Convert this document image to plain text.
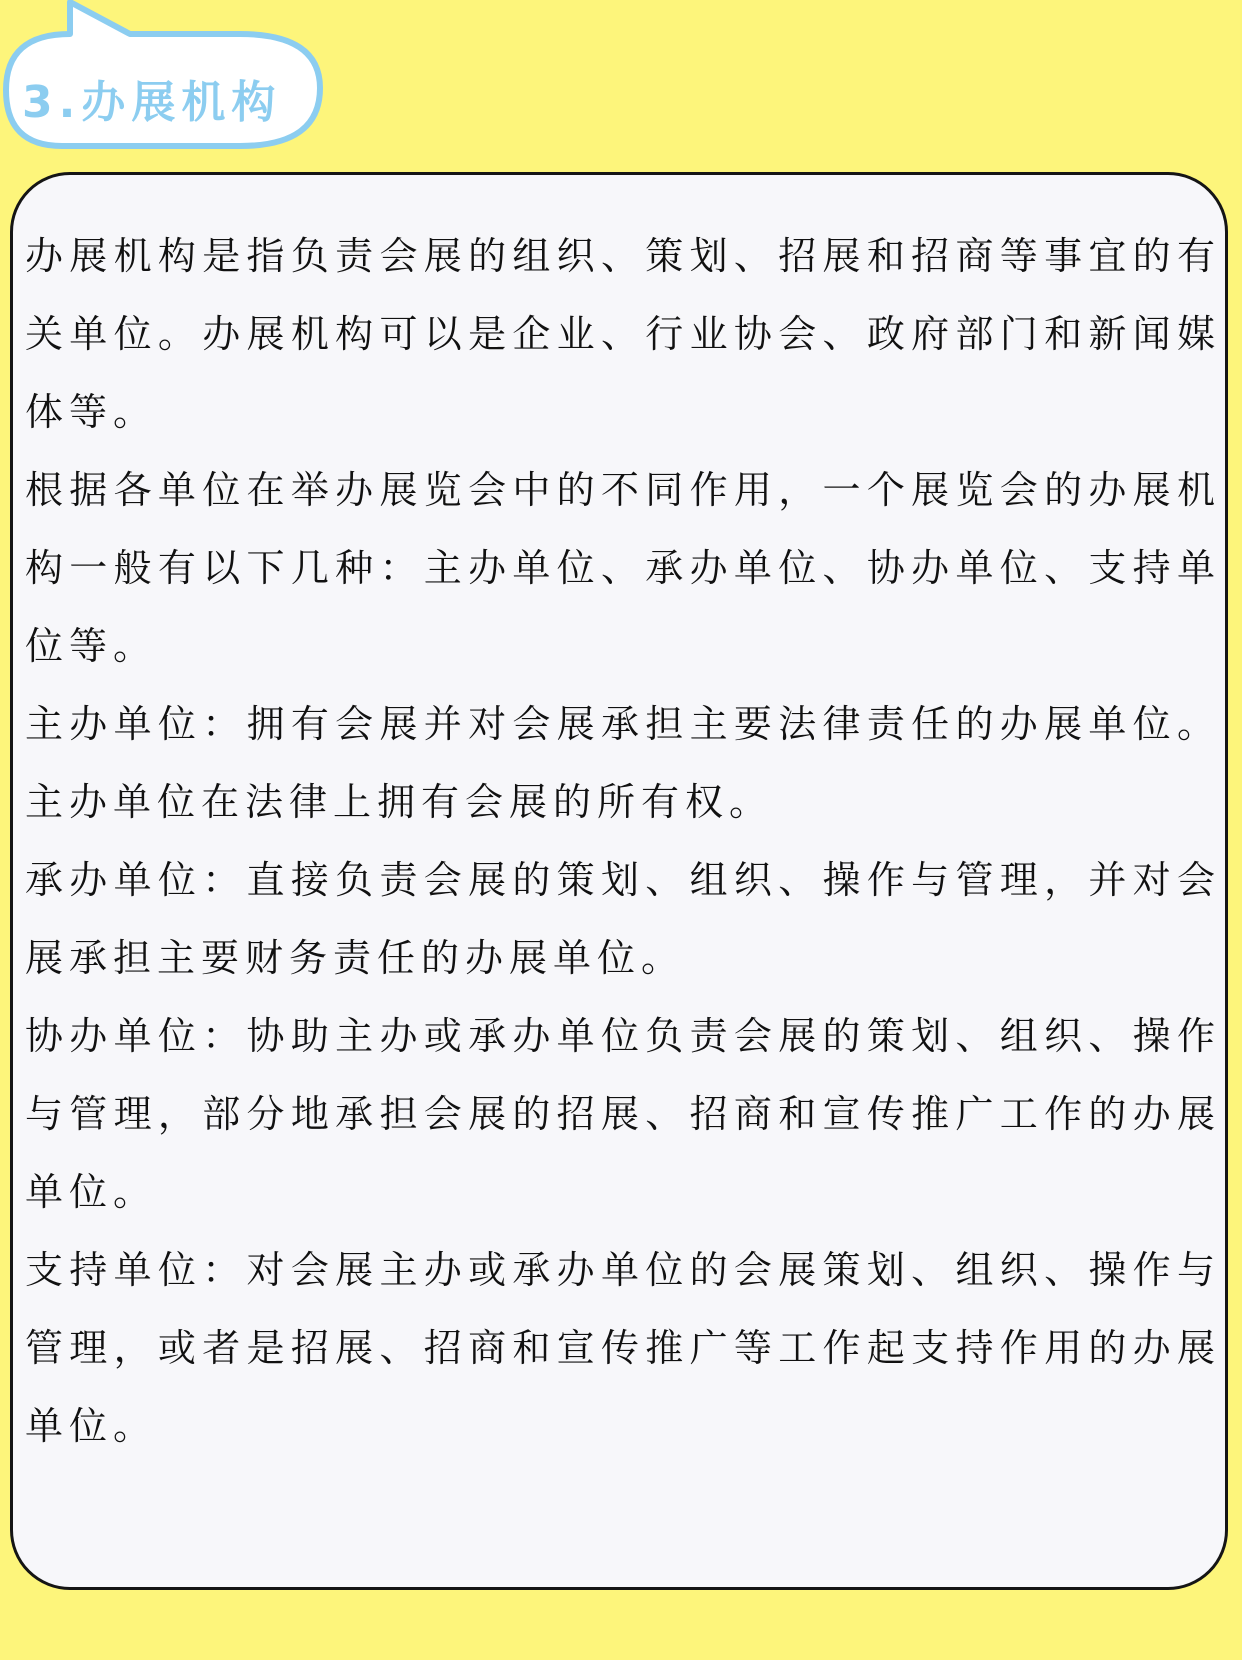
3.办展机构

办展机构是指负责会展的组织、策划、招展和招商等事宜的有关单位。办展机构可以是企业、行业协会、政府部门和新闻媒体等。

根据各单位在举办展览会中的不同作用，一个展览会的办展机构一般有以下几种：主办单位、承办单位、协办单位、支持单位等。

主办单位：拥有会展并对会展承担主要法律责任的办展单位。主办单位在法律上拥有会展的所有权。

承办单位：直接负责会展的策划、组织、操作与管理，并对会展承担主要财务责任的办展单位。

协办单位：协助主办或承办单位负责会展的策划、组织、操作与管理，部分地承担会展的招展、招商和宣传推广工作的办展单位。

支持单位：对会展主办或承办单位的会展策划、组织、操作与管理，或者是招展、招商和宣传推广等工作起支持作用的办展单位。
